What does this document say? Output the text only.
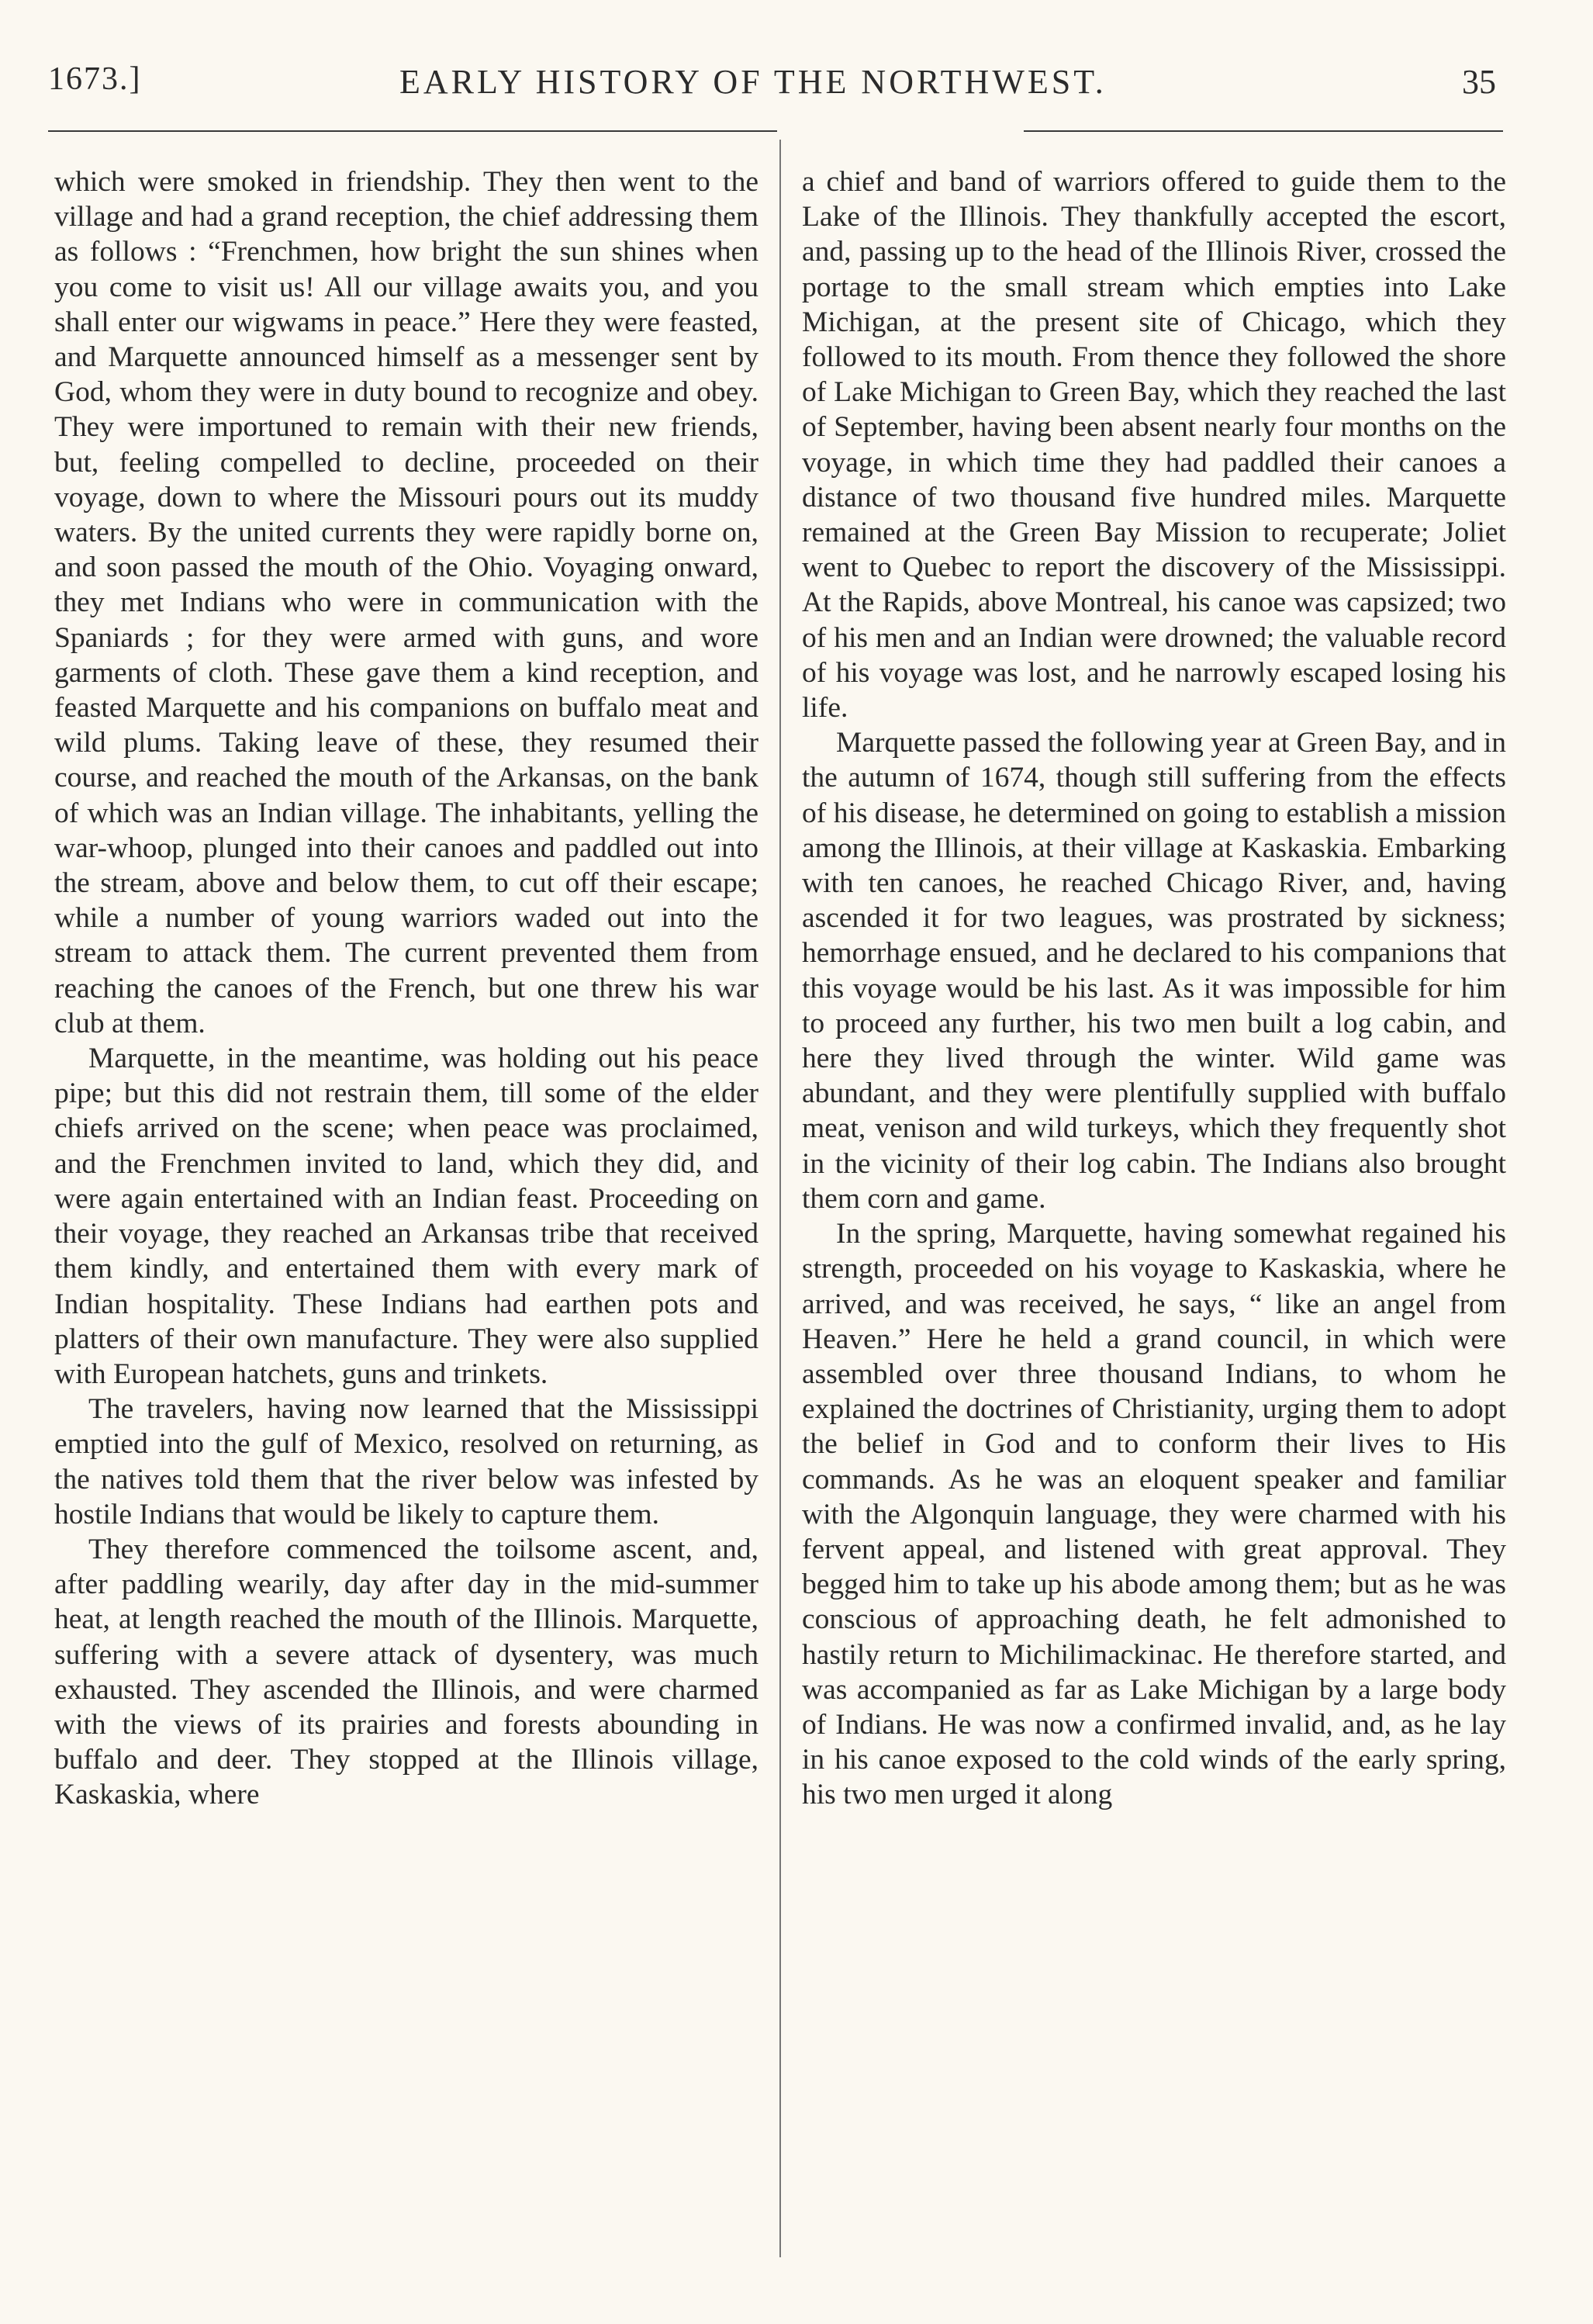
1673.]	EARLY HISTORY OF THE NORTHWEST.	35

which were smoked in friendship. They then went to the village and had a grand reception, the chief addressing them as follows : “Frenchmen, how bright the sun shines when you come to visit us! All our village awaits you, and you shall enter our wigwams in peace.” Here they were feasted, and Marquette announced himself as a messenger sent by God, whom they were in duty bound to recognize and obey. They were importuned to remain with their new friends, but, feeling compelled to decline, proceeded on their voyage, down to where the Missouri pours out its muddy waters. By the united currents they were rapidly borne on, and soon passed the mouth of the Ohio. Voyaging onward, they met Indians who were in communication with the Spaniards ; for they were armed with guns, and wore garments of cloth. These gave them a kind reception, and feasted Marquette and his companions on buffalo meat and wild plums. Taking leave of these, they resumed their course, and reached the mouth of the Arkansas, on the bank of which was an Indian village. The inhabitants, yelling the war-whoop, plunged into their canoes and paddled out into the stream, above and below them, to cut off their escape; while a number of young warriors waded out into the stream to attack them. The current prevented them from reaching the canoes of the French, but one threw his war club at them.

Marquette, in the meantime, was holding out his peace pipe; but this did not restrain them, till some of the elder chiefs arrived on the scene; when peace was proclaimed, and the Frenchmen invited to land, which they did, and were again entertained with an Indian feast. Proceeding on their voyage, they reached an Arkansas tribe that received them kindly, and entertained them with every mark of Indian hospitality. These Indians had earthen pots and platters of their own manufacture. They were also supplied with European hatchets, guns and trinkets.

The travelers, having now learned that the Mississippi emptied into the gulf of Mexico, resolved on returning, as the natives told them that the river below was infested by hostile Indians that would be likely to capture them.

They therefore commenced the toilsome ascent, and, after paddling wearily, day after day in the mid-summer heat, at length reached the mouth of the Illinois. Marquette, suffering with a severe attack of dysentery, was much exhausted. They ascended the Illinois, and were charmed with the views of its prairies and forests abounding in buffalo and deer. They stopped at the Illinois village, Kaskaskia, where

a chief and band of warriors offered to guide them to the Lake of the Illinois. They thankfully accepted the escort, and, passing up to the head of the Illinois River, crossed the portage to the small stream which empties into Lake Michigan, at the present site of Chicago, which they followed to its mouth. From thence they followed the shore of Lake Michigan to Green Bay, which they reached the last of September, having been absent nearly four months on the voyage, in which time they had paddled their canoes a distance of two thousand five hundred miles. Marquette remained at the Green Bay Mission to recuperate; Joliet went to Quebec to report the discovery of the Mississippi. At the Rapids, above Montreal, his canoe was capsized; two of his men and an Indian were drowned; the valuable record of his voyage was lost, and he narrowly escaped losing his life.

Marquette passed the following year at Green Bay, and in the autumn of 1674, though still suffering from the effects of his disease, he determined on going to establish a mission among the Illinois, at their village at Kaskaskia. Embarking with ten canoes, he reached Chicago River, and, having ascended it for two leagues, was prostrated by sickness; hemorrhage ensued, and he declared to his companions that this voyage would be his last. As it was impossible for him to proceed any further, his two men built a log cabin, and here they lived through the winter. Wild game was abundant, and they were plentifully supplied with buffalo meat, venison and wild turkeys, which they frequently shot in the vicinity of their log cabin. The Indians also brought them corn and game.

In the spring, Marquette, having somewhat regained his strength, proceeded on his voyage to Kaskaskia, where he arrived, and was received, he says, “ like an angel from Heaven.” Here he held a grand council, in which were assembled over three thousand Indians, to whom he explained the doctrines of Christianity, urging them to adopt the belief in God and to conform their lives to His commands. As he was an eloquent speaker and familiar with the Algonquin language, they were charmed with his fervent appeal, and listened with great approval. They begged him to take up his abode among them; but as he was conscious of approaching death, he felt admonished to hastily return to Michilimackinac. He therefore started, and was accompanied as far as Lake Michigan by a large body of Indians. He was now a confirmed invalid, and, as he lay in his canoe exposed to the cold winds of the early spring, his two men urged it along
